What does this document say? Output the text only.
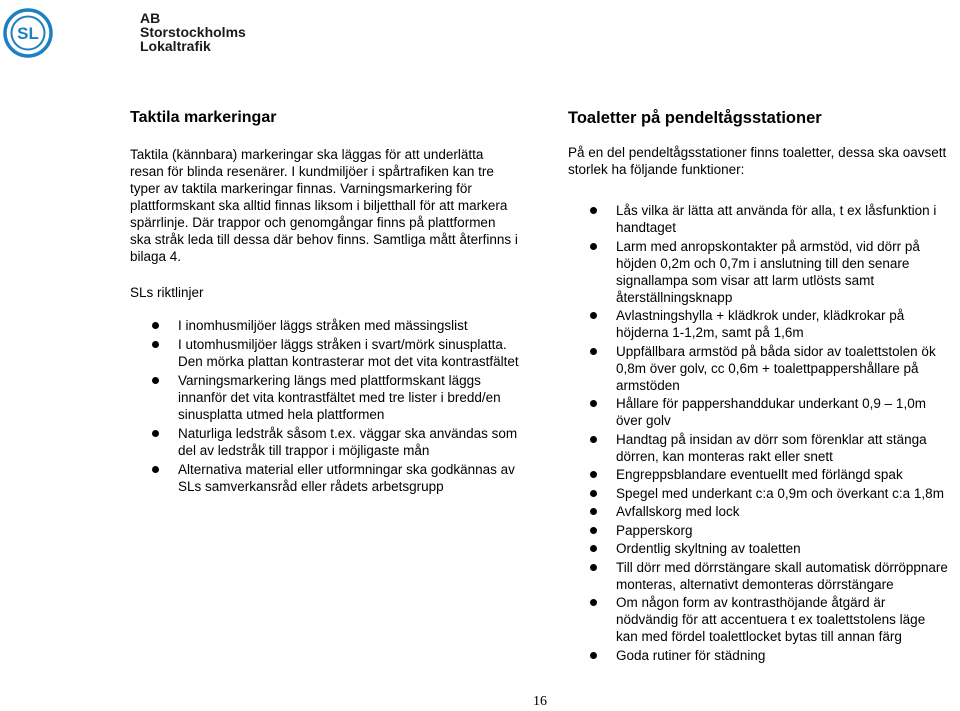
SL
AB
Storstockholms
Lokaltrafik
Taktila markeringar

Taktila (kännbara) markeringar ska läggas för att underlätta resan för blinda resenärer. I kundmiljöer i spårtrafiken kan tre typer av taktila markeringar finnas. Varningsmarkering för plattformskant ska alltid finnas liksom i biljetthall för att markera spärrlinje. Där trappor och genomgångar finns på plattformen ska stråk leda till dessa där behov finns. Samtliga mått återfinns i bilaga 4.

SLs riktlinjer

I inomhusmiljöer läggs stråken med mässingslist
I utomhusmiljöer läggs stråken i svart/mörk sinusplatta. Den mörka plattan kontrasterar mot det vita kontrastfältet
Varningsmarkering längs med plattformskant läggs innanför det vita kontrastfältet med tre lister i bredd/en sinusplatta utmed hela plattformen
Naturliga ledstråk såsom t.ex. väggar ska användas som del av ledstråk till trappor i möjligaste mån
Alternativa material eller utformningar ska godkännas av SLs samverkansråd eller rådets arbetsgrupp
Toaletter på pendeltågsstationer

På en del pendeltågsstationer finns toaletter, dessa ska oavsett storlek ha följande funktioner:

Lås vilka är lätta att använda för alla, t ex låsfunktion i handtaget
Larm med anropskontakter på armstöd, vid dörr på höjden 0,2m och 0,7m i anslutning till den senare signallampa som visar att larm utlösts samt återställningsknapp
Avlastningshylla + klädkrok under, klädkrokar på höjderna 1-1,2m, samt på 1,6m
Uppfällbara armstöd på båda sidor av toalettstolen ök 0,8m över golv, cc 0,6m + toalettpappershållare på armstöden
Hållare för pappershanddukar underkant 0,9 – 1,0m över golv
Handtag på insidan av dörr som förenklar att stänga dörren, kan monteras rakt eller snett
Engreppsblandare eventuellt med förlängd spak
Spegel med underkant c:a 0,9m och överkant c:a 1,8m
Avfallskorg med lock
Papperskorg
Ordentlig skyltning av toaletten
Till dörr med dörrstängare skall automatisk dörröppnare monteras, alternativt demonteras dörrstängare
Om någon form av kontrasthöjande åtgärd är nödvändig för att accentuera t ex toalettstolens läge kan med fördel toalettlocket bytas till annan färg
Goda rutiner för städning
16
